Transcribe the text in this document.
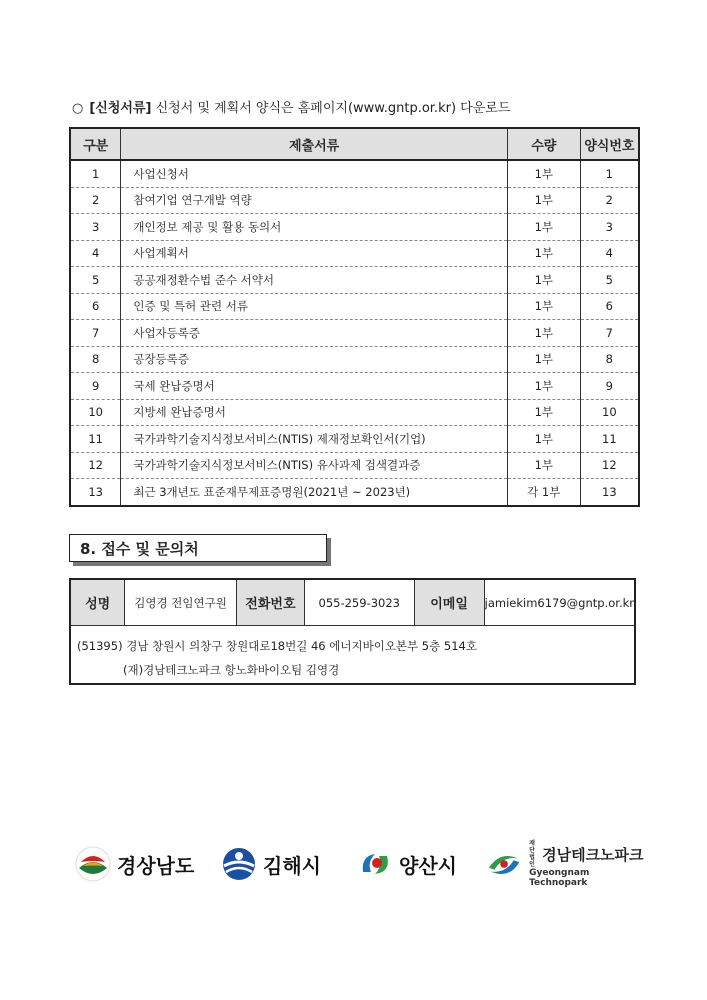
○ [신청서류] 신청서 및 계획서 양식은 홈페이지(www.gntp.or.kr) 다운로드
구분	제출서류	수량	양식번호
1	사업신청서	1부	1
2	참여기업 연구개발 역량	1부	2
3	개인정보 제공 및 활용 동의서	1부	3
4	사업계획서	1부	4
5	공공재정환수법 준수 서약서	1부	5
6	인증 및 특허 관련 서류	1부	6
7	사업자등록증	1부	7
8	공장등록증	1부	8
9	국세 완납증명서	1부	9
10	지방세 완납증명서	1부	10
11	국가과학기술지식정보서비스(NTIS) 제재정보확인서(기업)	1부	11
12	국가과학기술지식정보서비스(NTIS) 유사과제 검색결과증	1부	12
13	최근 3개년도 표준재무제표증명원(2021년 ~ 2023년)	각 1부	13
8. 접수 및 문의처
성명	김영경 전임연구원	전화번호	055-259-3023	이메일	jamiekim6179@gntp.or.kr
(51395) 경남 창원시 의창구 창원대로18번길 46 에너지바이오본부 5층 514호
(재)경남테크노파크 항노화바이오팀 김영경
경상남도	김해시	양산시
재단법인
경남테크노파크
Gyeongnam Technopark
